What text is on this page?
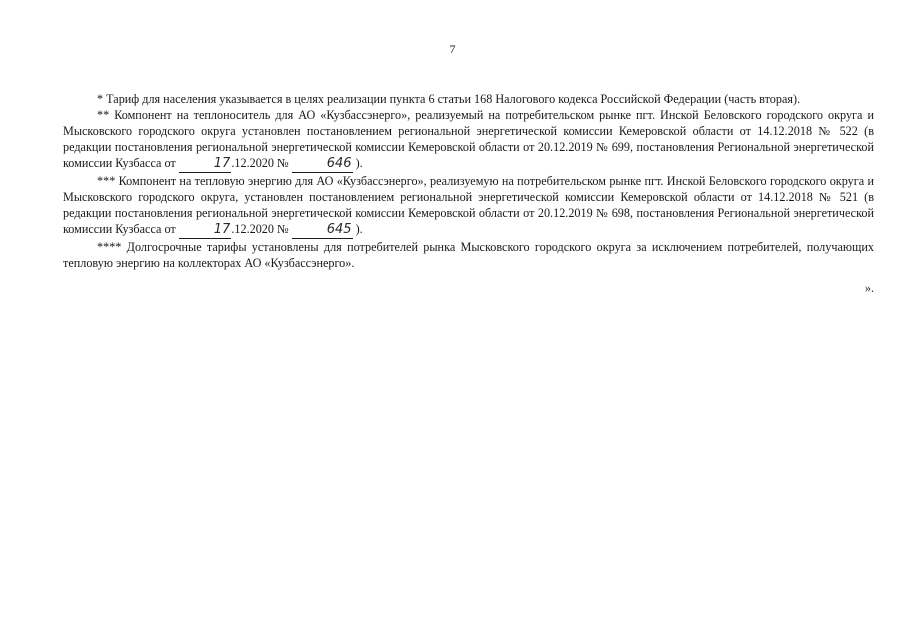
7

* Тариф для населения указывается в целях реализации пункта 6 статьи 168 Налогового кодекса Российской Федерации (часть вторая).

** Компонент на теплоноситель для АО «Кузбассэнерго», реализуемый на потребительском рынке пгт. Инской Беловского городского округа и Мысковского городского округа установлен постановлением региональной энергетической комиссии Кемеровской области от 14.12.2018 № 522 (в редакции постановления региональной энергетической комиссии Кемеровской области от 20.12.2019 № 699, постановления Региональной энергетической комиссии Кузбасса от	17.12.2020 №	646 ).

*** Компонент на тепловую энергию для АО «Кузбассэнерго», реализуемую на потребительском рынке пгт. Инской Беловского городского округа и Мысковского городского округа, установлен постановлением региональной энергетической комиссии Кемеровской области от 14.12.2018 № 521 (в редакции постановления региональной энергетической комиссии Кемеровской области от 20.12.2019 № 698, постановления Региональной энергетической комиссии Кузбасса от	17.12.2020 №	645 ).

**** Долгосрочные тарифы установлены для потребителей рынка Мысковского городского округа за исключением потребителей, получающих тепловую энергию на коллекторах АО «Кузбассэнерго».

».
